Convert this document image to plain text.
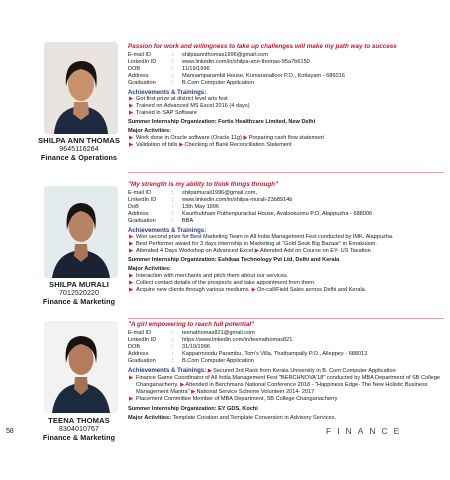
SHILPA ANN THOMAS
9645116264
Finance & Operations
Passion for work and willingness to take up challenges will make my path way to success
E-mail ID	:	shilpaannthomas1996@gmail.com
LinkedIn ID	:	www.linkedin.com/in/shilpa-ann-thomas-95a7b6150
DOB	:	11/19/1996
Address	:	Mannamparambil House, Kumaranalloor P.O., Kottayam - 686016
Graduation	:	B.Com Computer Application
Achievements & Trainings:
▶ Got first prize at district level arts fest
▶ Trained on Advanced MS Excel 2016 (4 days)
▶ Trained in SAP Software
Summer Internship Organization: Fortis Healthcare Limited, New Delhi
Major Activities:
▶ Work done in Oracle software (Oracle 11g) ▶Preparing cash flow statement
▶ Validation of bills ▶Checking of Bank Reconciliation Statement
SHILPA MURALI
7012520220
Finance & Marketing
"My strength is my ability to think things through"
E-mail ID	:	shilpamurali1996@gmail.com,
LinkedIn ID	:	www.linkedin.com/in/shilpa-murali-23b8914b
DoB	:	13th May 1996
Address	:	Kaurthubham Puthenpurackal House, Avalookunnu P.O, Alappuzha - 688006
Graduation	:	BBA
Achievements & Trainings:
▶ Won second prize for Best Marketing Team in All India Management Fest conducted by IMK, Alappuzha.
▶ Best Performer award for 3 days internship in Marketing at "Gold Souk Big Bazaar" in Ernakulam.
▶ Attended 4 Days Workshop on Advanced Excel ▶Attended Add on Course on EY- US Taxation
Summer Internship Organization: Eshikaa Technology Pvt Ltd, Delhi and Kerala
Major Activities:
▶ Interaction with merchants and pitch them about our services.
▶ Collect contact details of the prospects and take appointment from them.
▶ Acquire new clients through various mediums. ▶On-call/Field Sales across Delhi and Kerala
TEENA THOMAS
8304010767
Finance & Marketing
"A girl empowering to reach full potential"
E-mail ID	:	teenathomas821@gmail.com
LinkedIn ID	:	https://www.linkedin.com/in/teenathomas821
DOB	:	31/10/1996
Address	:	Kapparmoodu Parambu, Tom's Villa, Thathampally P.O., Alleppey - 688013
Graduation	:	B.Com Computer Application
Achievements & Trainings: ▶Secured 3rd Rank from Kerala University in B. Com Computer Application
▶ Finance Game Coordinator of All India Management Fest "BERCHNOVA'18" conducted by MBA Department of SB College Changanacherry. ▶Attended in Berchmans National Conference 2018 - "Happiness Edge- The New Holistic Business Management Mantra" ▶National Service Scheme Volunteer 2014- 2017
▶ Placement Committee Member of MBA Department, SB College Changanacherry
Summer Internship Organization: EY GDS, Kochi
Major Activities: Template Creation and Template Conversion in Advisory Services.
58	FINANCE
